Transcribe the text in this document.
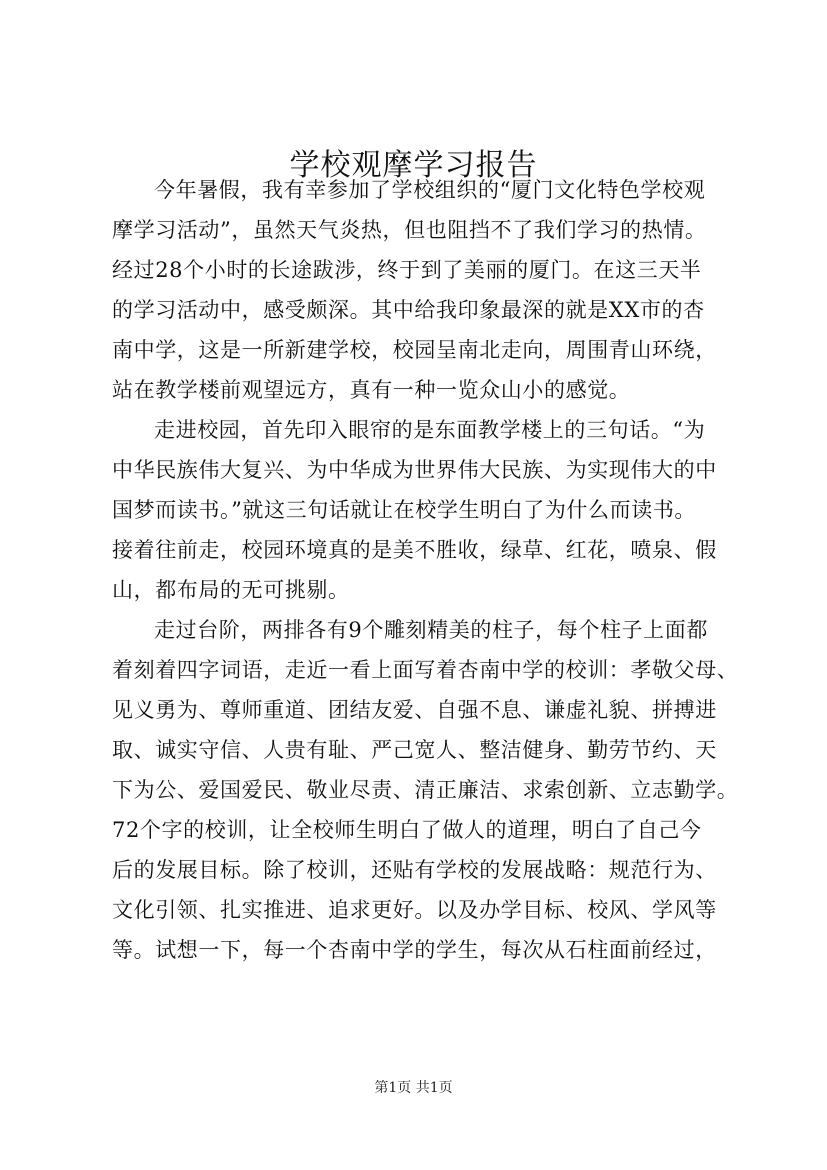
学校观摩学习报告
今年暑假，我有幸参加了学校组织的“厦门文化特色学校观
摩学习活动”，虽然天气炎热，但也阻挡不了我们学习的热情。
经过28个小时的长途跋涉，终于到了美丽的厦门。在这三天半
的学习活动中，感受颇深。其中给我印象最深的就是XX市的杏
南中学，这是一所新建学校，校园呈南北走向，周围青山环绕，
站在教学楼前观望远方，真有一种一览众山小的感觉。
走进校园，首先印入眼帘的是东面教学楼上的三句话。“为
中华民族伟大复兴、为中华成为世界伟大民族、为实现伟大的中
国梦而读书。”就这三句话就让在校学生明白了为什么而读书。
接着往前走，校园环境真的是美不胜收，绿草、红花，喷泉、假
山，都布局的无可挑剔。
走过台阶，两排各有9个雕刻精美的柱子，每个柱子上面都
着刻着四字词语，走近一看上面写着杏南中学的校训：孝敬父母、
见义勇为、尊师重道、团结友爱、自强不息、谦虚礼貌、拼搏进
取、诚实守信、人贵有耻、严己宽人、整洁健身、勤劳节约、天
下为公、爱国爱民、敬业尽责、清正廉洁、求索创新、立志勤学。
72个字的校训，让全校师生明白了做人的道理，明白了自己今
后的发展目标。除了校训，还贴有学校的发展战略：规范行为、
文化引领、扎实推进、追求更好。以及办学目标、校风、学风等
等。试想一下，每一个杏南中学的学生，每次从石柱面前经过，
第1页 共1页
